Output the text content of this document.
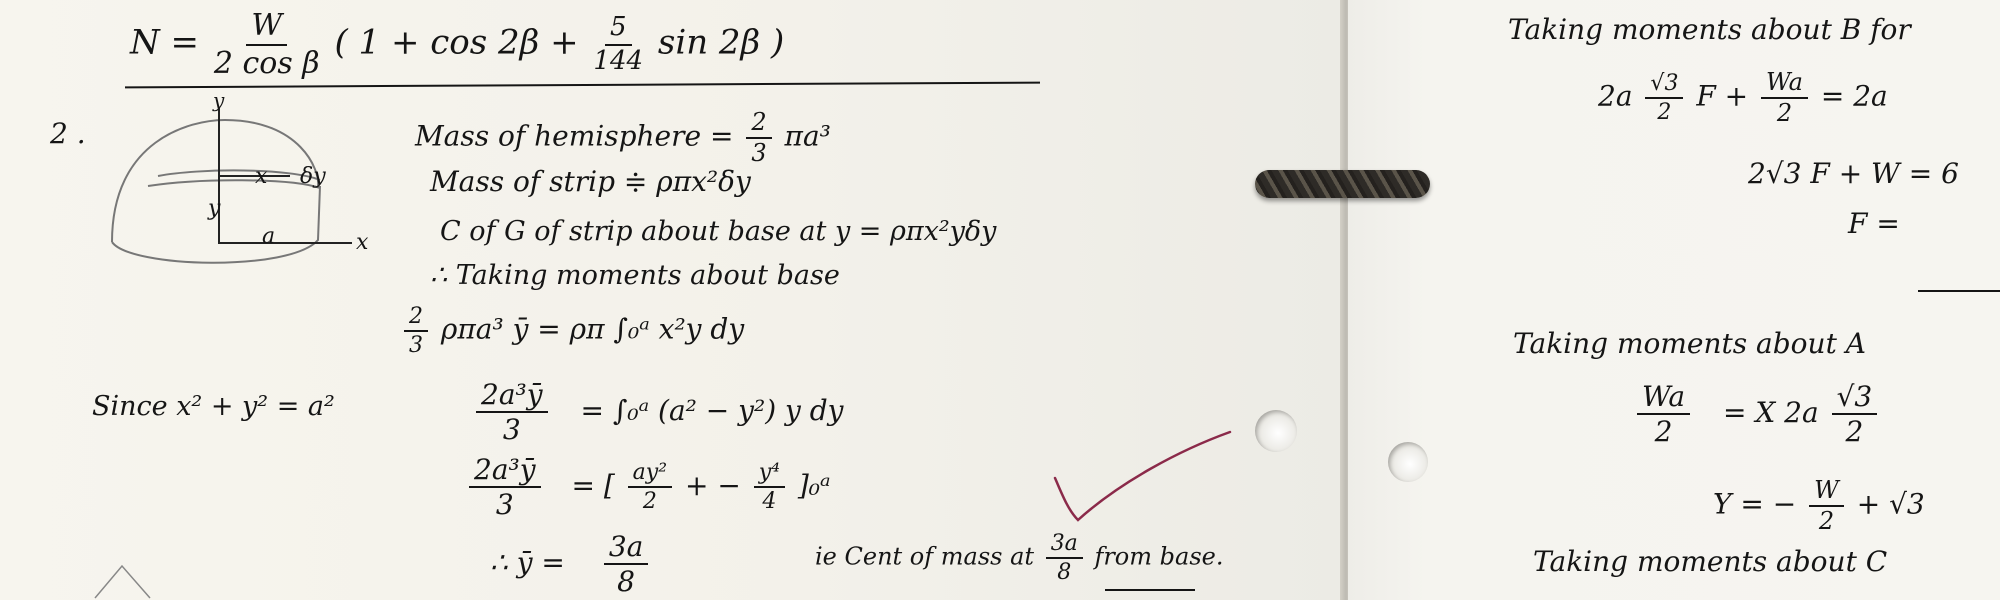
$N = \frac{W}{\text{2 cos β}}$ ( $1 + \cos 2\beta + \frac{5}{144}$ sin 2β )
2 .
y
x δy
y
a	x
Mass of hemisphere = $\frac{2}{3} \pi a^3$
Mass of strip ≑ ρπx²δy
C of G of strip about base at y = ρπx²yδy
∴ Taking moments about base
$\frac{2}{3} \rho\pi a^3$ ȳ = ρπ ∫₀ᵃ x²y dy
Since x² + y² = a²	$\frac{\text{2a³ȳ}}{3}$ = ∫₀ᵃ (a² − y²) y dy
$\frac{\text{2a³ȳ}}{3}$ = [ $\frac{\text{ay²}}{2}$ + − $\frac{\text{y⁴}}{4}$ ]₀ᵃ
∴ ȳ = $\frac{3a}{8}$	ie Cent of mass at $\frac{3a}{8}$ from base.
Taking moments about B for
$2a \frac{√3}{2}$ $F + \frac{Wa}{2} = 2a$
2√3 F + W = 6
F =
Taking moments about A
$\frac{Wa}{2} = X$ $2a \frac{√3}{2}$
Y = − $\frac{W}{2} + √3$
Taking moments about C
